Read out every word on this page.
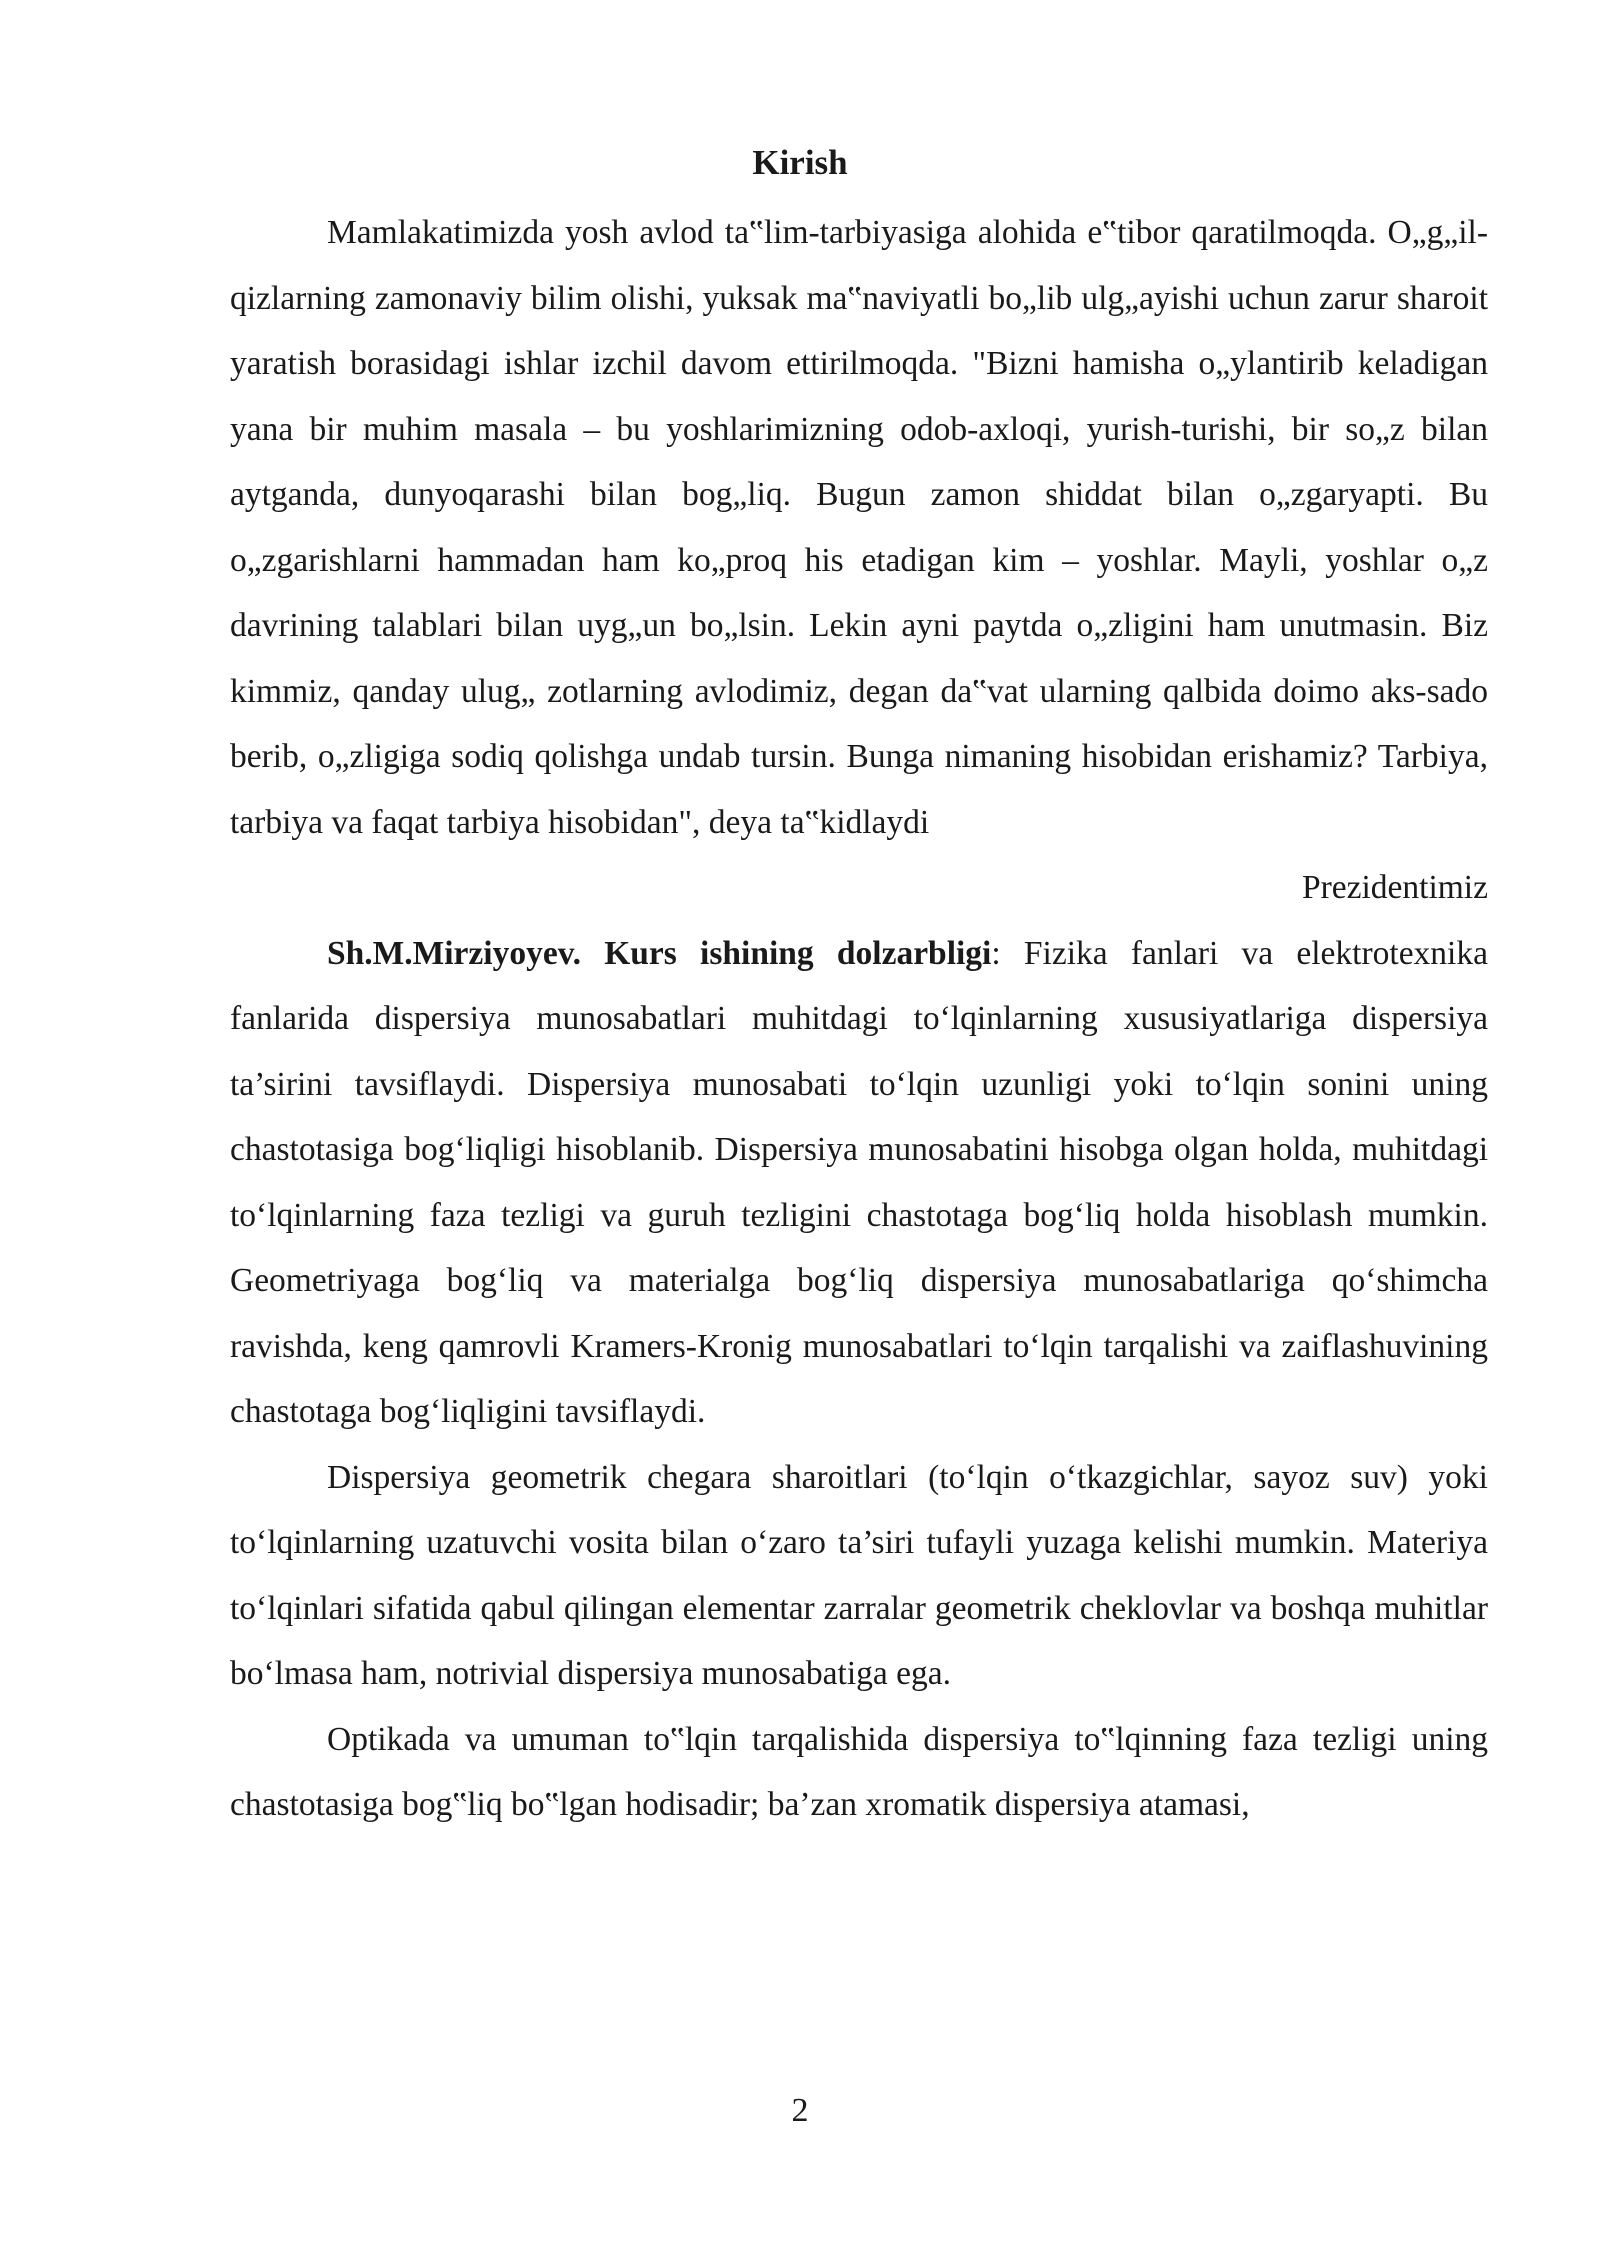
Kirish

Mamlakatimizda yosh avlod ta‟lim-tarbiyasiga alohida e‟tibor qaratilmoqda. O„g„il-qizlarning zamonaviy bilim olishi, yuksak ma‟naviyatli bo„lib ulg„ayishi uchun zarur sharoit yaratish borasidagi ishlar izchil davom ettirilmoqda. "Bizni hamisha o„ylantirib keladigan yana bir muhim masala – bu yoshlarimizning odob-axloqi, yurish-turishi, bir so„z bilan aytganda, dunyoqarashi bilan bog„liq. Bugun zamon shiddat bilan o„zgaryapti. Bu o„zgarishlarni hammadan ham ko„proq his etadigan kim – yoshlar. Mayli, yoshlar o„z davrining talablari bilan uyg„un bo„lsin. Lekin ayni paytda o„zligini ham unutmasin. Biz kimmiz, qanday ulug„ zotlarning avlodimiz, degan da‟vat ularning qalbida doimo aks-sado berib, o„zligiga sodiq qolishga undab tursin. Bunga nimaning hisobidan erishamiz? Tarbiya, tarbiya va faqat tarbiya hisobidan", deya ta‟kidlaydi

Prezidentimiz

Sh.M.Mirziyoyev. Kurs ishining dolzarbligi: Fizika fanlari va elektrotexnika fanlarida dispersiya munosabatlari muhitdagi to‘lqinlarning xususiyatlariga dispersiya ta’sirini tavsiflaydi. Dispersiya munosabati to‘lqin uzunligi yoki to‘lqin sonini uning chastotasiga bog‘liqligi hisoblanib. Dispersiya munosabatini hisobga olgan holda, muhitdagi to‘lqinlarning faza tezligi va guruh tezligini chastotaga bog‘liq holda hisoblash mumkin. Geometriyaga bog‘liq va materialga bog‘liq dispersiya munosabatlariga qo‘shimcha ravishda, keng qamrovli Kramers-Kronig munosabatlari to‘lqin tarqalishi va zaiflashuvining chastotaga bog‘liqligini tavsiflaydi.

Dispersiya geometrik chegara sharoitlari (to‘lqin o‘tkazgichlar, sayoz suv) yoki to‘lqinlarning uzatuvchi vosita bilan o‘zaro ta’siri tufayli yuzaga kelishi mumkin. Materiya to‘lqinlari sifatida qabul qilingan elementar zarralar geometrik cheklovlar va boshqa muhitlar bo‘lmasa ham, notrivial dispersiya munosabatiga ega.

Optikada va umuman to‟lqin tarqalishida dispersiya to‟lqinning faza tezligi uning chastotasiga bog‟liq bo‟lgan hodisadir; ba’zan xromatik dispersiya atamasi,

2
